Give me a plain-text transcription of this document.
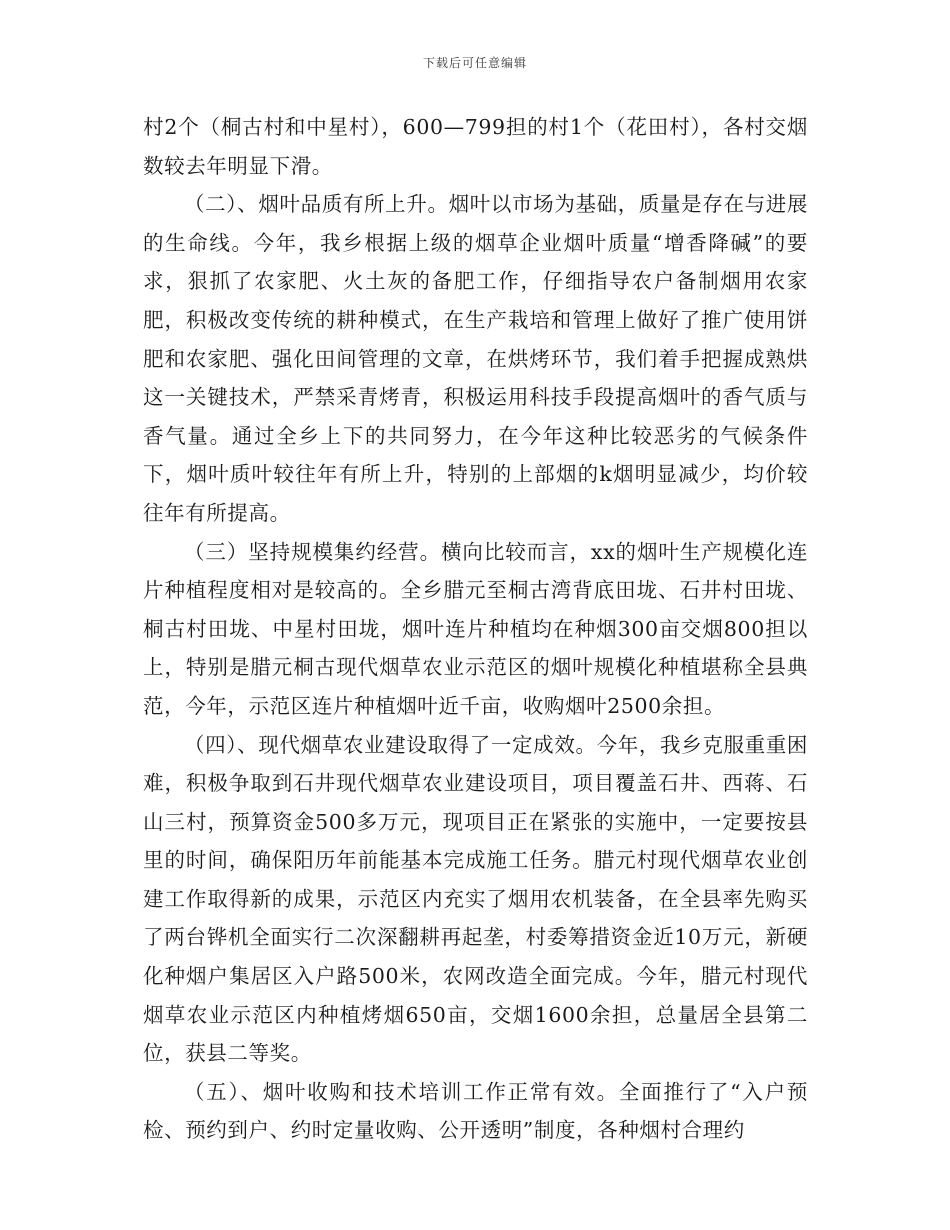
下载后可任意编辑

村2个（桐古村和中星村），600—799担的村1个（花田村），各村交烟数较去年明显下滑。

（二）、烟叶品质有所上升。烟叶以市场为基础，质量是存在与进展的生命线。今年，我乡根据上级的烟草企业烟叶质量“增香降碱”的要求，狠抓了农家肥、火土灰的备肥工作，仔细指导农户备制烟用农家肥，积极改变传统的耕种模式，在生产栽培和管理上做好了推广使用饼肥和农家肥、强化田间管理的文章，在烘烤环节，我们着手把握成熟烘这一关键技术，严禁采青烤青，积极运用科技手段提高烟叶的香气质与香气量。通过全乡上下的共同努力，在今年这种比较恶劣的气候条件下，烟叶质叶较往年有所上升，特别的上部烟的k烟明显减少，均价较往年有所提高。

（三）坚持规模集约经营。横向比较而言，xx的烟叶生产规模化连片种植程度相对是较高的。全乡腊元至桐古湾背底田垅、石井村田垅、桐古村田垅、中星村田垅，烟叶连片种植均在种烟300亩交烟800担以上，特别是腊元桐古现代烟草农业示范区的烟叶规模化种植堪称全县典范，今年，示范区连片种植烟叶近千亩，收购烟叶2500余担。

（四）、现代烟草农业建设取得了一定成效。今年，我乡克服重重困难，积极争取到石井现代烟草农业建设项目，项目覆盖石井、西蒋、石山三村，预算资金500多万元，现项目正在紧张的实施中，一定要按县里的时间，确保阳历年前能基本完成施工任务。腊元村现代烟草农业创建工作取得新的成果，示范区内充实了烟用农机装备，在全县率先购买了两台铧机全面实行二次深翻耕再起垄，村委筹措资金近10万元，新硬化种烟户集居区入户路500米，农网改造全面完成。今年，腊元村现代烟草农业示范区内种植烤烟650亩，交烟1600余担，总量居全县第二位，获县二等奖。

（五）、烟叶收购和技术培训工作正常有效。全面推行了“入户预检、预约到户、约时定量收购、公开透明”制度，各种烟村合理约
